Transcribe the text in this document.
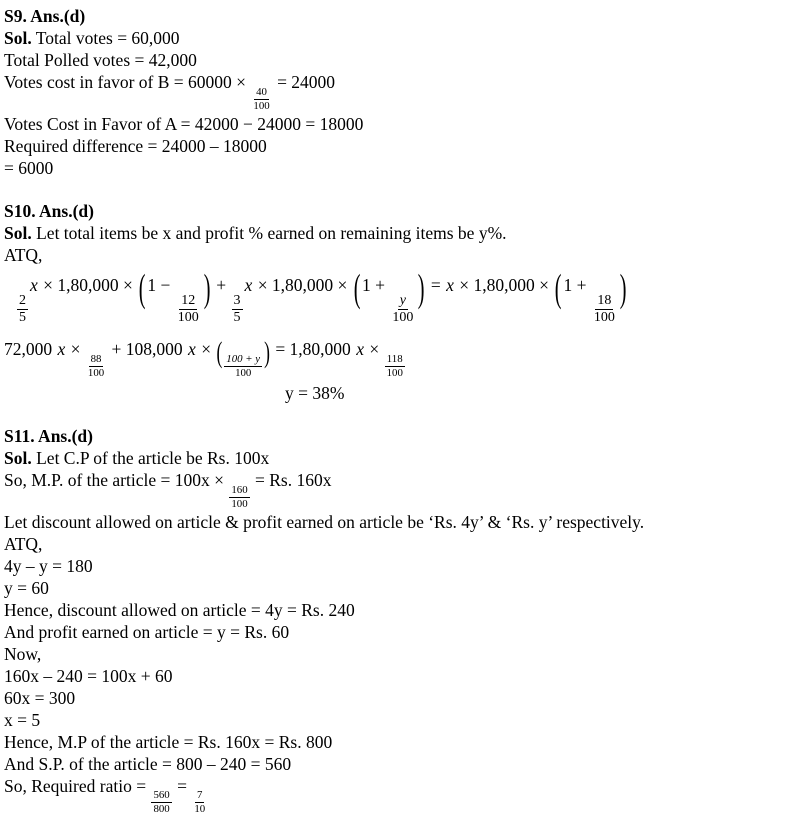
S9. Ans.(d)
Sol. Total votes = 60,000
Total Polled votes = 42,000
Votes cost in favor of B = 60000 ×
$\frac{40}{100}$
= 24000
Votes Cost in Favor of A = 42000 − 24000 = 18000
Required difference = 24000 – 18000
= 6000
S10. Ans.(d)
Sol. Let total items be x and profit % earned on remaining items be y%.
ATQ,
$\frac{2}{5}$
x × 1,80,000 × (1 −
$\frac{12}{100}$
) +
$\frac{3}{5}$
x × 1,80,000 × (1 +
$\frac{y}{100}$
) = x × 1,80,000 × (1 +
$\frac{18}{100}$
)
72,000 x ×
$\frac{88}{100}$
+ 108,000 x × ( $\frac{100 + y}{100}$ ) = 1,80,000 x ×
$\frac{118}{100}$
y = 38%
S11. Ans.(d)
Sol. Let C.P of the article be Rs. 100x
So, M.P. of the article = 100x ×
$\frac{160}{100}$
= Rs. 160x
Let discount allowed on article & profit earned on article be ‘Rs. 4y’ & ‘Rs. y’ respectively.
ATQ,
4y – y = 180
y = 60
Hence, discount allowed on article = 4y = Rs. 240
And profit earned on article = y = Rs. 60
Now,
160x – 240 = 100x + 60
60x = 300
x = 5
Hence, M.P of the article = Rs. 160x = Rs. 800
And S.P. of the article = 800 – 240 = 560
So, Required ratio =
$\frac{560}{800}$
=
$\frac{7}{10}$
